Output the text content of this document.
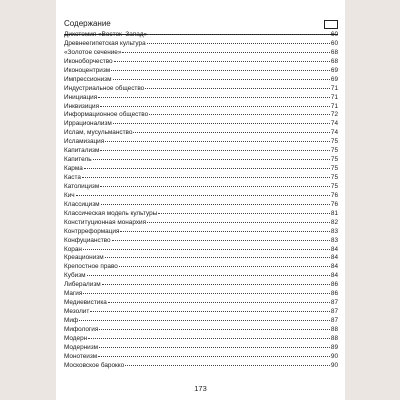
Содержание
Дихотомия «Восток–Запад»	60
Древнеегипетская культура	60
«Золотое сечение»	68
Иконоборчество	68
Иконоцентризм	69
Импрессионизм	69
Индустриальное общество	71
Инициация	71
Инквизиция	71
Информационное общество	72
Иррационализм	74
Ислам, мусульманство	74
Исламизация	75
Капитализм	75
Капитель	75
Карма	75
Каста	75
Католицизм	75
Кич	76
Классицизм	76
Классическая модель культуры	81
Конституционная монархия	82
Контрреформация	83
Конфуцианство	83
Коран	84
Креационизм	84
Крепостное право	84
Кубизм	84
Либерализм	86
Магия	86
Медиевистика	87
Мезолит	87
Миф	87
Мифология	88
Модерн	88
Модернизм	89
Монотеизм	90
Московское барокко	90
173
